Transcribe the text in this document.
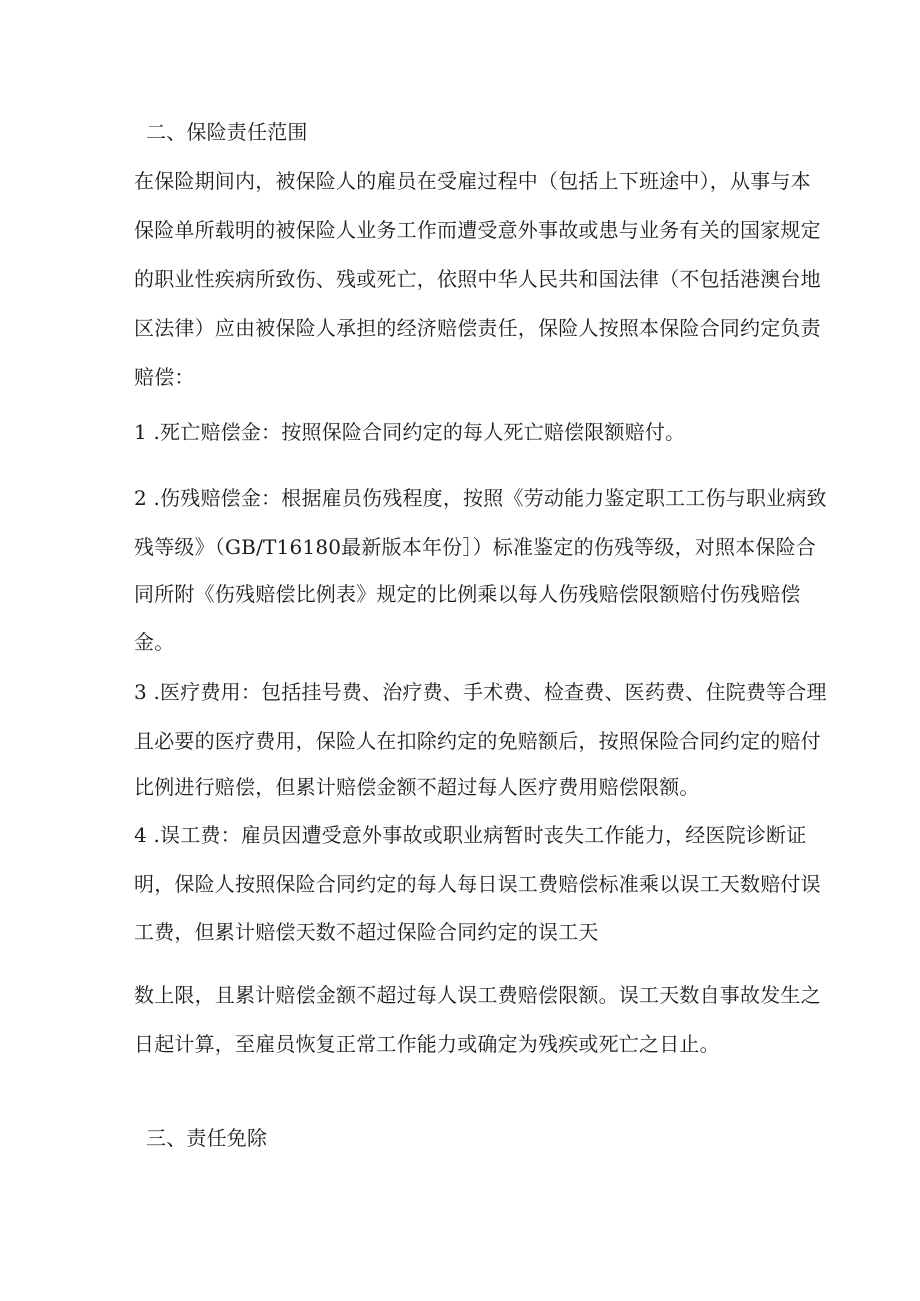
二、保险责任范围
在保险期间内，被保险人的雇员在受雇过程中（包括上下班途中），从事与本
保险单所载明的被保险人业务工作而遭受意外事故或患与业务有关的国家规定
的职业性疾病所致伤、残或死亡，依照中华人民共和国法律（不包括港澳台地
区法律）应由被保险人承担的经济赔偿责任，保险人按照本保险合同约定负责
赔偿：
1 .死亡赔偿金：按照保险合同约定的每人死亡赔偿限额赔付。
2 .伤残赔偿金：根据雇员伤残程度，按照《劳动能力鉴定职工工伤与职业病致
残等级》（GB/T16180最新版本年份］）标准鉴定的伤残等级，对照本保险合
同所附《伤残赔偿比例表》规定的比例乘以每人伤残赔偿限额赔付伤残赔偿
金。
3 .医疗费用：包括挂号费、治疗费、手术费、检查费、医药费、住院费等合理
且必要的医疗费用，保险人在扣除约定的免赔额后，按照保险合同约定的赔付
比例进行赔偿，但累计赔偿金额不超过每人医疗费用赔偿限额。
4 .误工费：雇员因遭受意外事故或职业病暂时丧失工作能力，经医院诊断证
明，保险人按照保险合同约定的每人每日误工费赔偿标准乘以误工天数赔付误
工费，但累计赔偿天数不超过保险合同约定的误工天
数上限，且累计赔偿金额不超过每人误工费赔偿限额。误工天数自事故发生之
日起计算，至雇员恢复正常工作能力或确定为残疾或死亡之日止。
三、责任免除
